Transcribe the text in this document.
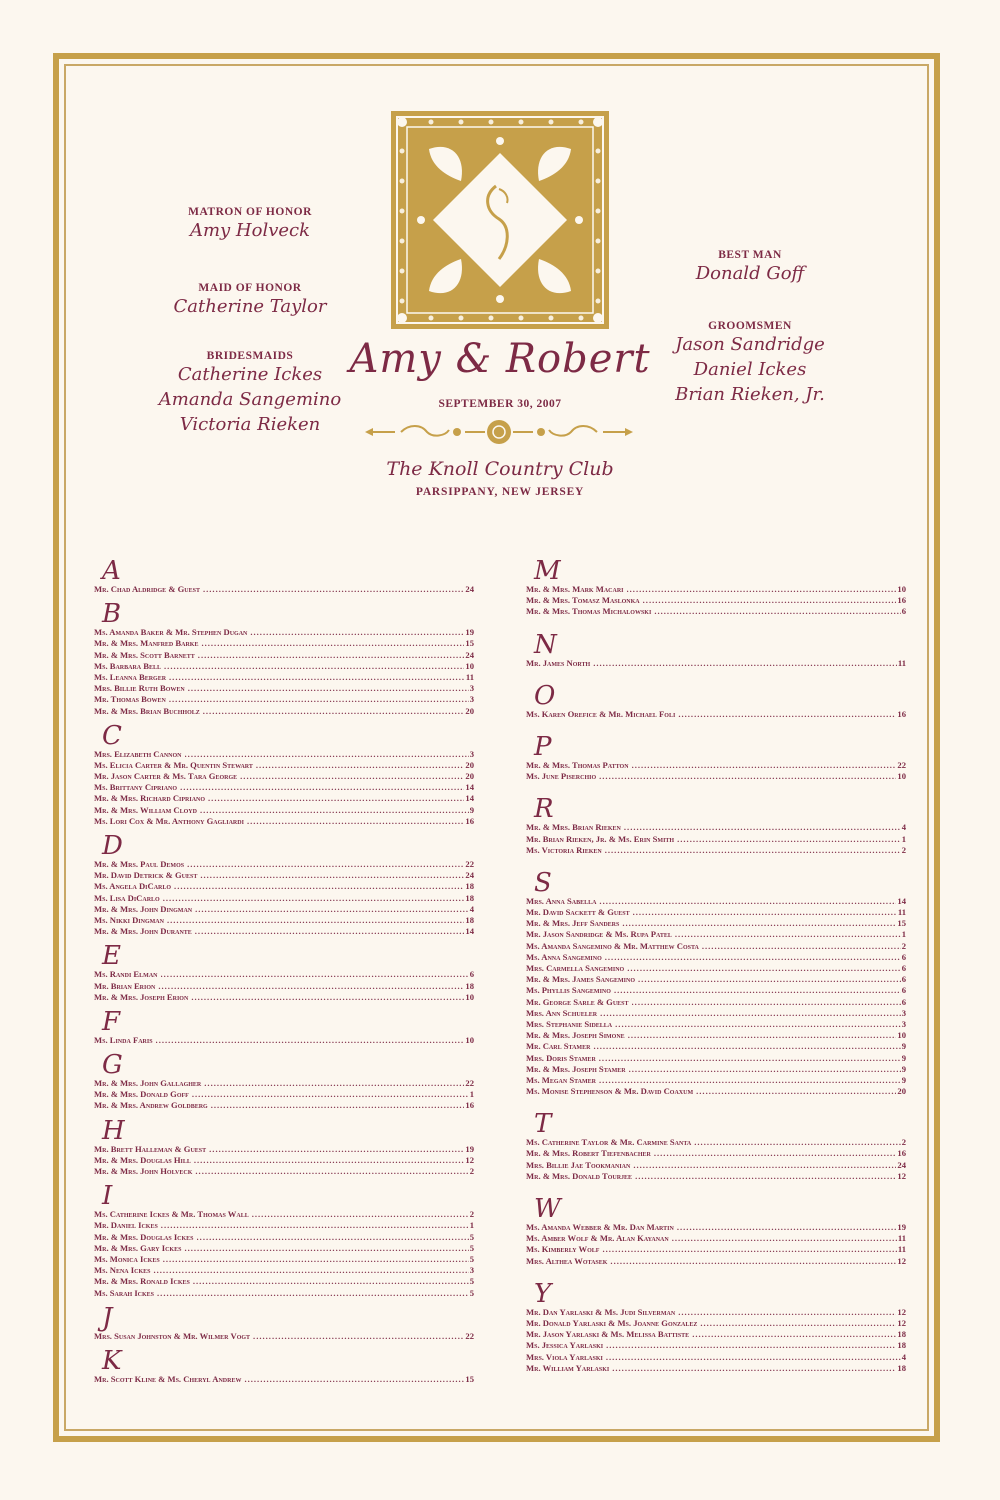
MATRON OF HONOR
Amy Holveck
MAID OF HONOR
Catherine Taylor
BRIDESMAIDS
Catherine Ickes
Amanda Sangemino
Victoria Rieken
BEST MAN
Donald Goff
GROOMSMEN
Jason Sandridge
Daniel Ickes
Brian Rieken, Jr.
Amy & Robert
SEPTEMBER 30, 2007
The Knoll Country Club
PARSIPPANY, NEW JERSEY
A
Mr. Chad Aldridge & Guest .....	24
B
Ms. Amanda Baker & Mr. Stephen Dugan .....	19
Mr. & Mrs. Manfred Barke .....	15
Mr. & Mrs. Scott Barnett .....	24
Ms. Barbara Bell .....	10
Ms. Leanna Berger .....	11
Mrs. Billie Ruth Bowen .....	3
Mr. Thomas Bowen .....	3
Mr. & Mrs. Brian Buchholz .....	20
C
Mrs. Elizabeth Cannon .....	3
Ms. Elicia Carter & Mr. Quentin Stewart .....	20
Mr. Jason Carter & Ms. Tara George .....	20
Ms. Brittany Cipriano .....	14
Mr. & Mrs. Richard Cipriano .....	14
Mr. & Mrs. William Cloyd .....	9
Ms. Lori Cox & Mr. Anthony Gagliardi .....	16
D
Mr. & Mrs. Paul Demos .....	22
Mr. David Detrick & Guest .....	24
Ms. Angela DiCarlo .....	18
Ms. Lisa DiCarlo .....	18
Mr. & Mrs. John Dingman .....	4
Ms. Nikki Dingman .....	18
Mr. & Mrs. John Durante .....	14
E
Ms. Randi Elman .....	6
Mr. Brian Erion .....	18
Mr. & Mrs. Joseph Erion .....	10
F
Ms. Linda Faris .....	10
G
Mr. & Mrs. John Gallagher .....	22
Mr. & Mrs. Donald Goff .....	1
Mr. & Mrs. Andrew Goldberg .....	16
H
Mr. Brett Halleman & Guest .....	19
Mr. & Mrs. Douglas Hill .....	12
Mr. & Mrs. John Holveck .....	2
I
Ms. Catherine Ickes & Mr. Thomas Wall .....	2
Mr. Daniel Ickes .....	1
Mr. & Mrs. Douglas Ickes .....	5
Mr. & Mrs. Gary Ickes .....	5
Ms. Monica Ickes .....	5
Ms. Nena Ickes .....	3
Mr. & Mrs. Ronald Ickes .....	5
Ms. Sarah Ickes .....	5
J
Mrs. Susan Johnston & Mr. Wilmer Vogt .....	22
K
Mr. Scott Kline & Ms. Cheryl Andrew .....	15
M
Mr. & Mrs. Mark Macari .....	10
Mr. & Mrs. Tomasz Maslonka .....	16
Mr. & Mrs. Thomas Michalowski .....	6
N
Mr. James North .....	11
O
Ms. Karen Orefice & Mr. Michael Foli .....	16
P
Mr. & Mrs. Thomas Patton .....	22
Ms. June Piserchio .....	10
R
Mr. & Mrs. Brian Rieken .....	4
Mr. Brian Rieken, Jr. & Ms. Erin Smith .....	1
Ms. Victoria Rieken .....	2
S
Mrs. Anna Sabella .....	14
Mr. David Sackett & Guest .....	11
Mr. & Mrs. Jeff Sanders .....	15
Mr. Jason Sandridge & Ms. Rupa Patel .....	1
Ms. Amanda Sangemino & Mr. Matthew Costa .....	2
Ms. Anna Sangemino .....	6
Mrs. Carmella Sangemino .....	6
Mr. & Mrs. James Sangemino .....	6
Ms. Phyllis Sangemino .....	6
Mr. George Sarle & Guest .....	6
Mrs. Ann Schueler .....	3
Mrs. Stephanie Sidella .....	3
Mr. & Mrs. Joseph Simone .....	10
Mr. Carl Stamer .....	9
Mrs. Doris Stamer .....	9
Mr. & Mrs. Joseph Stamer .....	9
Ms. Megan Stamer .....	9
Ms. Monise Stephenson & Mr. David Coaxum .....	20
T
Ms. Catherine Taylor & Mr. Carmine Santa .....	2
Mr. & Mrs. Robert Tiefenbacher .....	16
Mrs. Billie Jae Tookmanian .....	24
Mr. & Mrs. Donald Tourjee .....	12
W
Ms. Amanda Webber & Mr. Dan Martin .....	19
Ms. Amber Wolf & Mr. Alan Kayanan .....	11
Ms. Kimberly Wolf .....	11
Mrs. Althea Wotasek .....	12
Y
Mr. Dan Yarlaski & Ms. Judi Silverman .....	12
Mr. Donald Yarlaski & Ms. Joanne Gonzalez .....	12
Mr. Jason Yarlaski & Ms. Melissa Battiste .....	18
Ms. Jessica Yarlaski .....	18
Mrs. Viola Yarlaski .....	4
Mr. William Yarlaski .....	18
